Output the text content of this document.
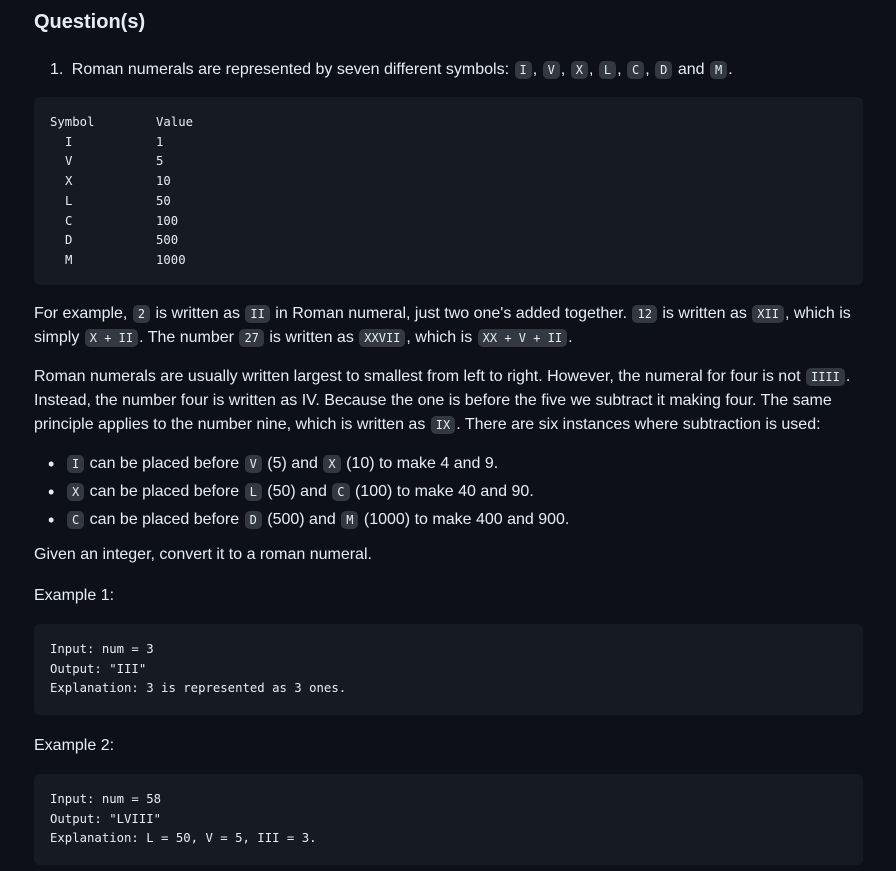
Question(s)

1. Roman numerals are represented by seven different symbols: I , V , X , L , C , D and M .

Symbol	Value
I	1
V	5
X	10
L	50
C	100
D	500
M	1000

For example, 2 is written as II in Roman numeral, just two one's added together. 12 is written as XII , which is simply X + II . The number 27 is written as XXVII , which is XX + V + II .

Roman numerals are usually written largest to smallest from left to right. However, the numeral for four is not IIII . Instead, the number four is written as IV. Because the one is before the five we subtract it making four. The same principle applies to the number nine, which is written as IX . There are six instances where subtraction is used:

• I can be placed before V (5) and X (10) to make 4 and 9.
• X can be placed before L (50) and C (100) to make 40 and 90.
• C can be placed before D (500) and M (1000) to make 400 and 900.

Given an integer, convert it to a roman numeral.

Example 1:

Input: num = 3
Output: "III"
Explanation: 3 is represented as 3 ones.

Example 2:

Input: num = 58
Output: "LVIII"
Explanation: L = 50, V = 5, III = 3.
